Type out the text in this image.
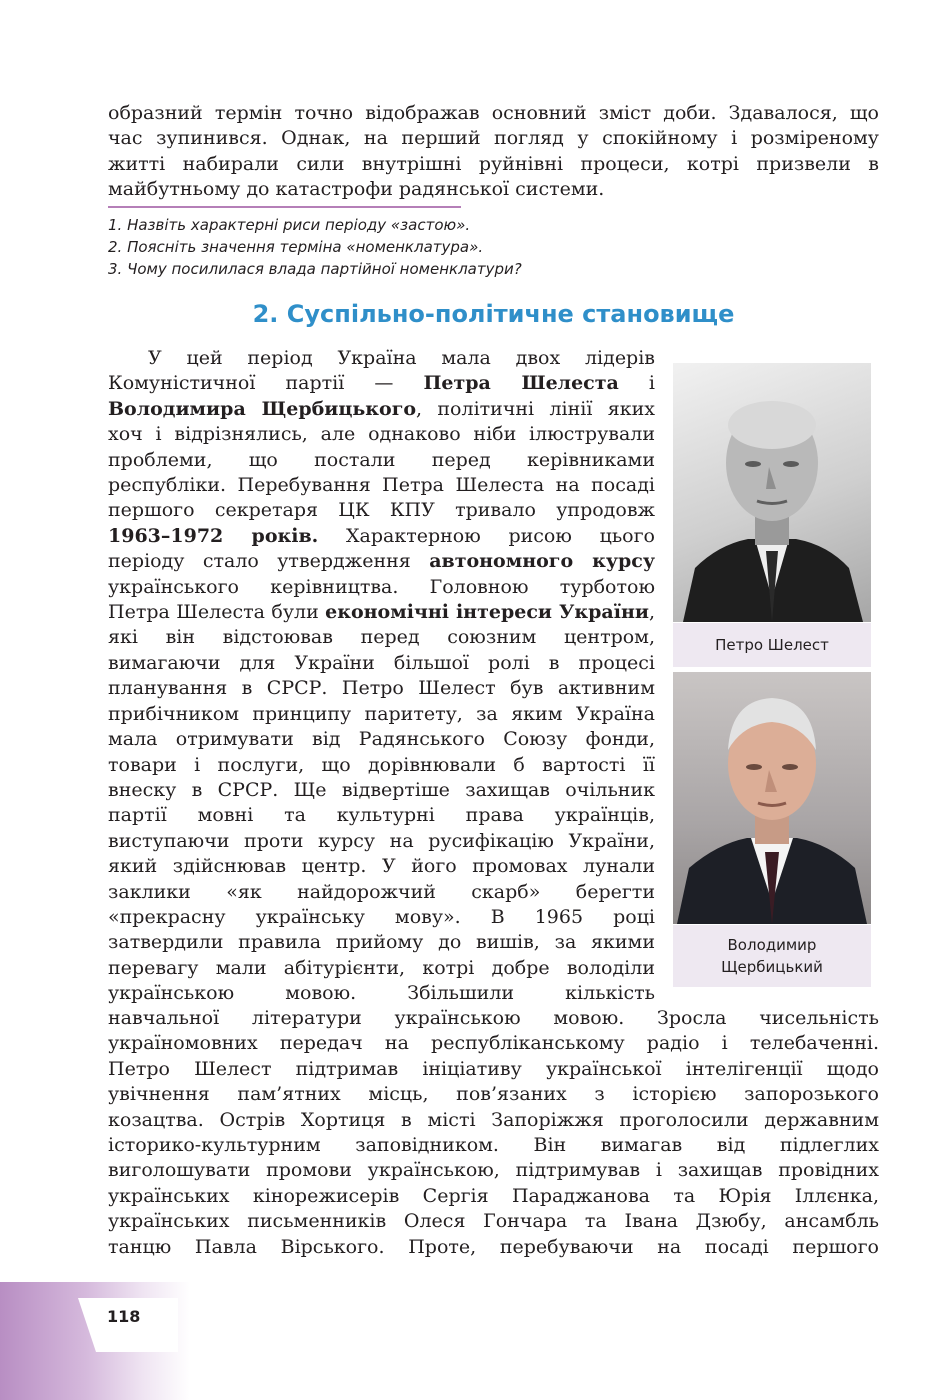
образний термін точно відображав основний зміст доби. Здавалося, що
час зупинився. Однак, на перший погляд у спокійному і розміреному
житті набирали сили внутрішні руйнівні процеси, котрі призвели в
майбутньому до катастрофи радянської системи.
1. Назвіть характерні риси періоду «застою».
2. Поясніть значення терміна «номенклатура».
3. Чому посилилася влада партійної номенклатури?
2. Суспільно-політичне становище
У цей період Україна мала двох лідерів
Комуністичної партії — Петра Шелеста і
Володимира Щербицького, політичні лінії яких
хоч і відрізнялись, але однаково ніби ілюстрували
проблеми, що постали перед керівниками
республіки. Перебування Петра Шелеста на посаді
першого секретаря ЦК КПУ тривало упродовж
1963–1972 років. Характерною рисою цього
періоду стало утвердження автономного курсу
українського керівництва. Головною турботою
Петра Шелеста були економічні інтереси України,
які він відстоював перед союзним центром,
вимагаючи для України більшої ролі в процесі
планування в СРСР. Петро Шелест був активним
прибічником принципу паритету, за яким Україна
мала отримувати від Радянського Союзу фонди,
товари і послуги, що дорівнювали б вартості її
внеску в СРСР. Ще відвертіше захищав очільник
партії мовні та культурні права українців,
виступаючи проти курсу на русифікацію України,
який здійснював центр. У його промовах лунали
заклики «як найдорожчий скарб» берегти
«прекрасну українську мову». В 1965 році
затвердили правила прийому до вишів, за якими
перевагу мали абітурієнти, котрі добре володіли
українською мовою. Збільшили кількість
навчальної літератури українською мовою. Зросла чисельність
україномовних передач на республіканському радіо і телебаченні.
Петро Шелест підтримав ініціативу української інтелігенції щодо
увічнення пам’ятних місць, пов’язаних з історією запорозького
козацтва. Острів Хортиця в місті Запоріжжя проголосили державним
історико-культурним заповідником. Він вимагав від підлеглих
виголошувати промови українською, підтримував і захищав провідних
українських кінорежисерів Сергія Параджанова та Юрія Іллєнка,
українських письменників Олеся Гончара та Івана Дзюбу, ансамбль
танцю Павла Вірського. Проте, перебуваючи на посаді першого
Петро Шелест
Володимир
Щербицький
118
